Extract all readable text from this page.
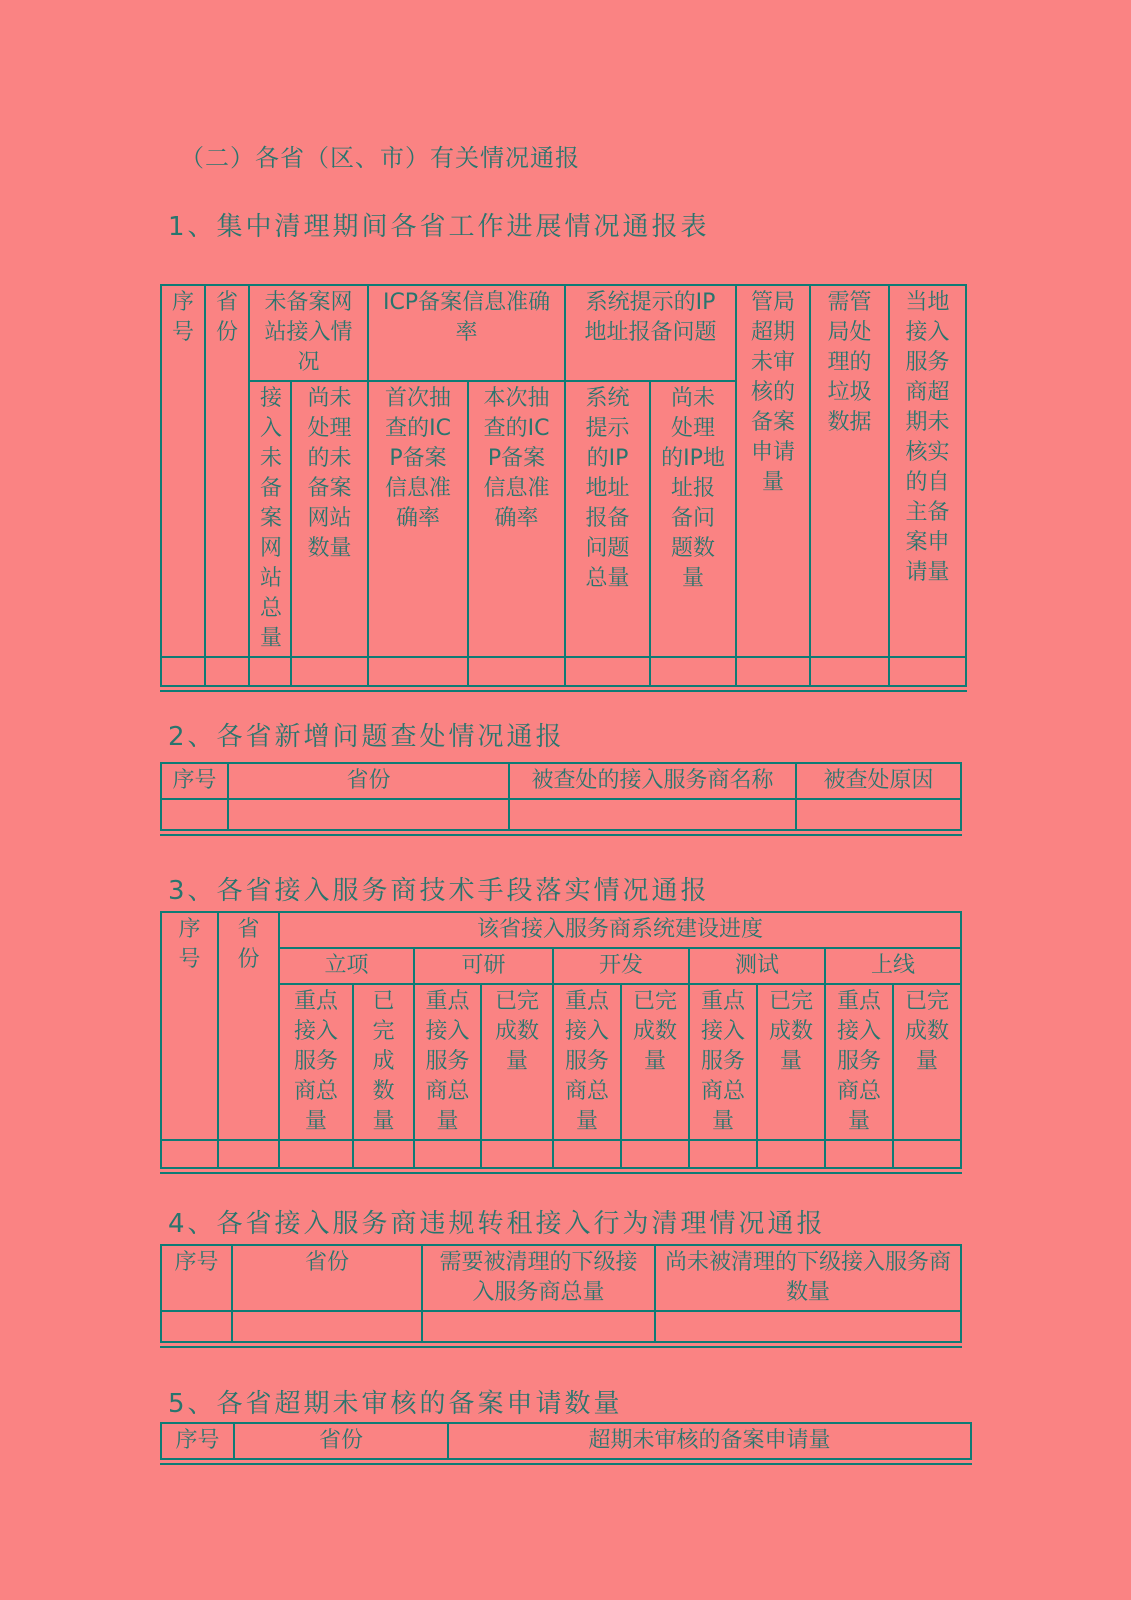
（二）各省（区、市）有关情况通报
1、集中清理期间各省工作进展情况通报表
序号	省份	未备案网站接入情况		ICP备案信息准确率		系统提示的IP地址报备问题		管局超期未审核的备案申请量	需管局处理的垃圾数据	当地接入服务商超期未核实的自主备案申请量
		接入未备案网站总量	尚未处理的未备案网站数量	首次抽查的ICP备案信息准确率	本次抽查的ICP备案信息准确率	系统提示的IP地址报备问题总量	尚未处理的IP地址报备问题数量			

2、各省新增问题查处情况通报
序号	省份	被查处的接入服务商名称	被查处原因

3、各省接入服务商技术手段落实情况通报
序号	省份	该省接入服务商系统建设进度									
		立项		可研		开发		测试		上线	
		重点接入服务商总量	已完成数量	重点接入服务商总量	已完成数量	重点接入服务商总量	已完成数量	重点接入服务商总量	已完成数量	重点接入服务商总量	已完成数量

4、各省接入服务商违规转租接入行为清理情况通报
序号	省份	需要被清理的下级接入服务商总量	尚未被清理的下级接入服务商数量

5、各省超期未审核的备案申请数量
序号	省份	超期未审核的备案申请量
